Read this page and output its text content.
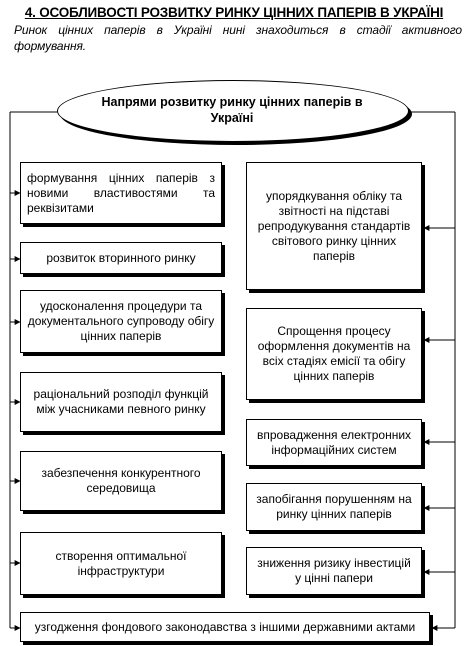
4. ОСОБЛИВОСТІ РОЗВИТКУ РИНКУ ЦІННИХ ПАПЕРІВ В УКРАЇНІ
Ринок цінних паперів в Україні нині знаходиться в стадії активного формування.
Напрями розвитку ринку цінних паперів в Україні
формування цінних паперів з новими властивостями та реквізитами
розвиток вторинного ринку
удосконалення процедури та документального супроводу обігу цінних паперів
раціональний розподіл функцій між учасниками певного ринку
забезпечення конкурентного середовища
створення оптимальної інфраструктури
упорядкування обліку та звітності на підставі репродукування стандартів світового ринку цінних паперів
Спрощення процесу оформлення документів на всіх стадіях емісії та обігу цінних паперів
впровадження електронних інформаційних систем
запобігання порушенням на ринку цінних паперів
зниження ризику інвестицій у цінні папери
узгодження фондового законодавства з іншими державними актами
